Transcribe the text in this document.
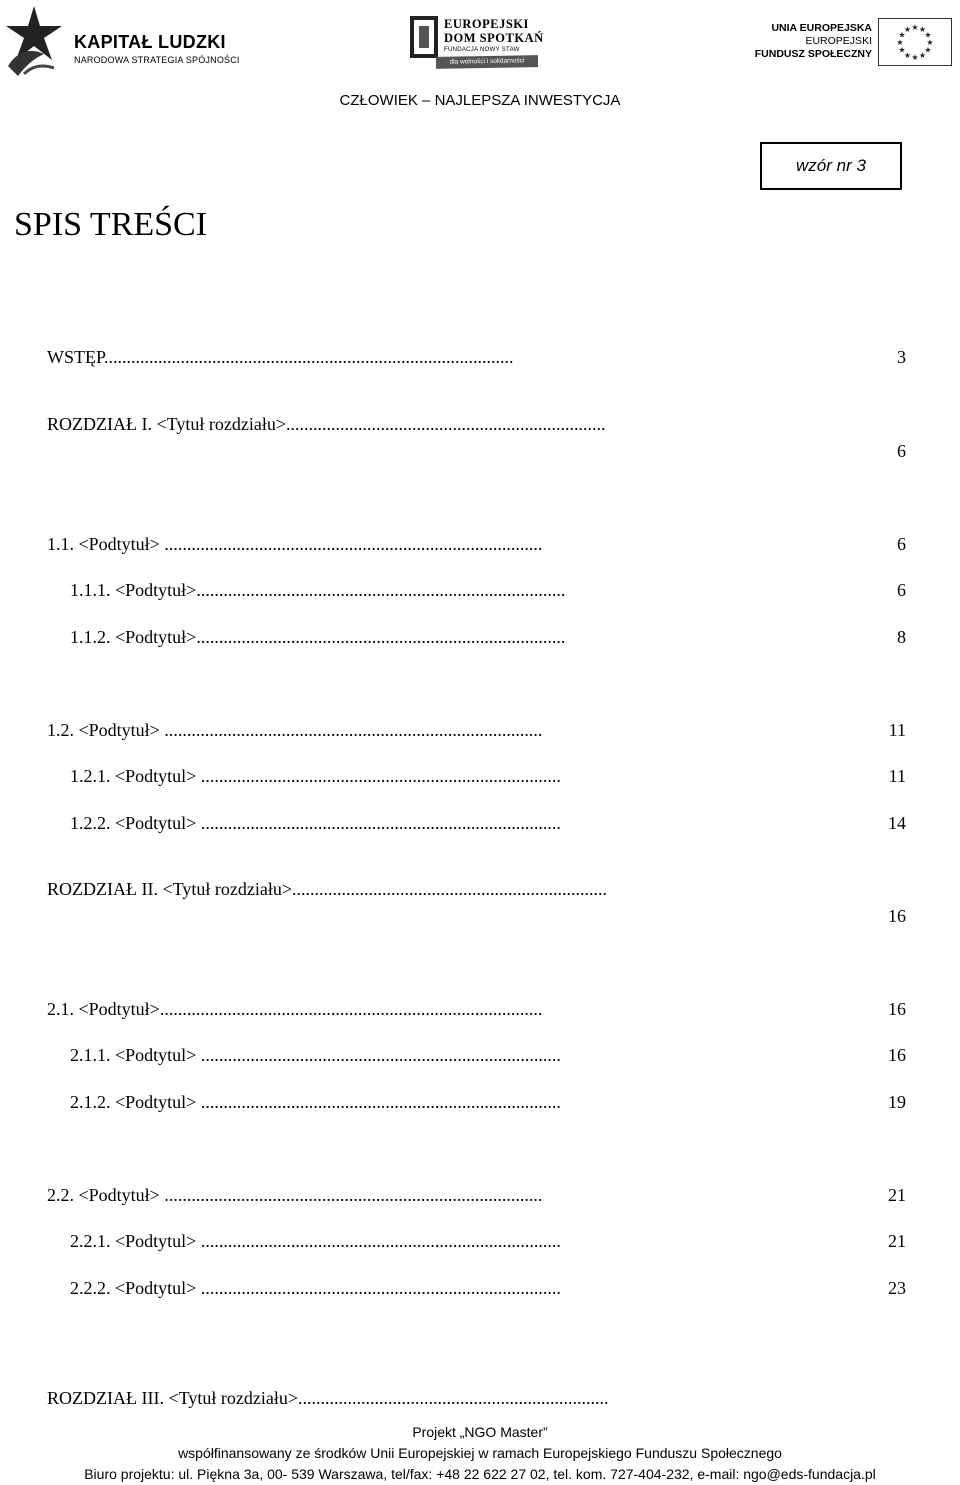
KAPITAŁ LUDZKI
NARODOWA STRATEGIA SPÓJNOŚCI
EUROPEJSKI
DOM SPOTKAŃ
FUNDACJA NOWY STAW
dla wolności i solidarności
UNIA EUROPEJSKA
EUROPEJSKI
FUNDUSZ SPOŁECZNY
★ ★
★
★
★
★
★
★
★
★
★
★
CZŁOWIEK – NAJLEPSZA INWESTYCJA
wzór nr 3
SPIS TREŚCI
WSTĘP...........................................................................................	3
ROZDZIAŁ I. <Tytuł rozdziału>.......................................................................
6
1.1. <Podtytuł> ....................................................................................	6
1.1.1. <Podtytuł>..................................................................................	6
1.1.2. <Podtytuł>..................................................................................	8
1.2. <Podtytuł> ....................................................................................	11
1.2.1. <Podtytul> ................................................................................	11
1.2.2. <Podtytul> ................................................................................	14
ROZDZIAŁ II. <Tytuł rozdziału>......................................................................
16
2.1. <Podtytuł>.....................................................................................	16
2.1.1. <Podtytul> ................................................................................	16
2.1.2. <Podtytul> ................................................................................	19
2.2. <Podtytuł> ....................................................................................	21
2.2.1. <Podtytul> ................................................................................	21
2.2.2. <Podtytul> ................................................................................	23
ROZDZIAŁ III. <Tytuł rozdziału>.....................................................................
Projekt „NGO Master”
współfinansowany ze środków Unii Europejskiej w ramach Europejskiego Funduszu Społecznego
Biuro projektu: ul. Piękna 3a, 00- 539 Warszawa, tel/fax: +48 22 622 27 02, tel. kom. 727-404-232, e-mail: ngo@eds-fundacja.pl
